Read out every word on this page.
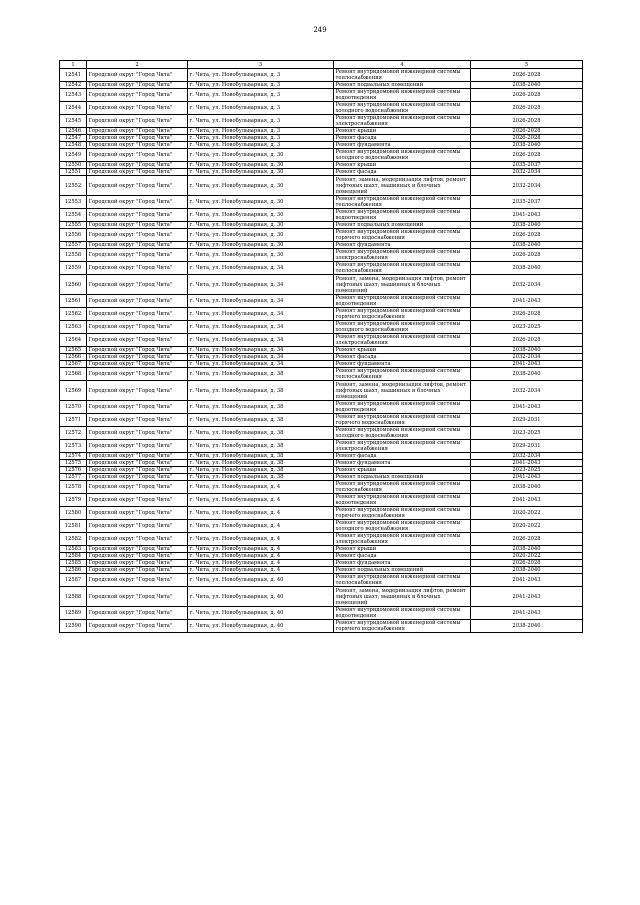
249
1	2	3	4	5
12541	Городской округ "Город Чита"	г. Чита, ул. Новобульварная, д. 3	Ремонт внутридомовой инженерной системы теплоснабжения	2026-2028
12542	Городской округ "Город Чита"	г. Чита, ул. Новобульварная, д. 3	Ремонт подвальных помещений	2038-2040
12543	Городской округ "Город Чита"	г. Чита, ул. Новобульварная, д. 3	Ремонт внутридомовой инженерной системы водоотведения	2026-2028
12544	Городской округ "Город Чита"	г. Чита, ул. Новобульварная, д. 3	Ремонт внутридомовой инженерной системы холодного водоснабжения	2026-2028
12545	Городской округ "Город Чита"	г. Чита, ул. Новобульварная, д. 3	Ремонт внутридомовой инженерной системы электроснабжения	2026-2028
12546	Городской округ "Город Чита"	г. Чита, ул. Новобульварная, д. 3	Ремонт крыши	2026-2028
12547	Городской округ "Город Чита"	г. Чита, ул. Новобульварная, д. 3	Ремонт фасада	2026-2028
12548	Городской округ "Город Чита"	г. Чита, ул. Новобульварная, д. 3	Ремонт фундамента	2038-2040
12549	Городской округ "Город Чита"	г. Чита, ул. Новобульварная, д. 30	Ремонт внутридомовой инженерной системы холодного водоснабжения	2026-2028
12550	Городской округ "Город Чита"	г. Чита, ул. Новобульварная, д. 30	Ремонт крыши	2035-2037
12551	Городской округ "Город Чита"	г. Чита, ул. Новобульварная, д. 30	Ремонт фасада	2032-2034
12552	Городской округ "Город Чита"	г. Чита, ул. Новобульварная, д. 30	Ремонт, замена, модернизация лифтов, ремонт лифтовых шахт, машинных и блочных помещений	2032-2034
12553	Городской округ "Город Чита"	г. Чита, ул. Новобульварная, д. 30	Ремонт внутридомовой инженерной системы теплоснабжения	2035-2037
12554	Городской округ "Город Чита"	г. Чита, ул. Новобульварная, д. 30	Ремонт внутридомовой инженерной системы водоотведения	2041-2043
12555	Городской округ "Город Чита"	г. Чита, ул. Новобульварная, д. 30	Ремонт подвальных помещений	2038-2040
12556	Городской округ "Город Чита"	г. Чита, ул. Новобульварная, д. 30	Ремонт внутридомовой инженерной системы горячего водоснабжения	2026-2028
12557	Городской округ "Город Чита"	г. Чита, ул. Новобульварная, д. 30	Ремонт фундамента	2038-2040
12558	Городской округ "Город Чита"	г. Чита, ул. Новобульварная, д. 30	Ремонт внутридомовой инженерной системы электроснабжения	2026-2028
12559	Городской округ "Город Чита"	г. Чита, ул. Новобульварная, д. 34	Ремонт внутридомовой инженерной системы теплоснабжения	2038-2040
12560	Городской округ "Город Чита"	г. Чита, ул. Новобульварная, д. 34	Ремонт, замена, модернизация лифтов, ремонт лифтовых шахт, машинных и блочных помещений	2032-2034
12561	Городской округ "Город Чита"	г. Чита, ул. Новобульварная, д. 34	Ремонт внутридомовой инженерной системы водоотведения	2041-2043
12562	Городской округ "Город Чита"	г. Чита, ул. Новобульварная, д. 34	Ремонт внутридомовой инженерной системы горячего водоснабжения	2026-2028
12563	Городской округ "Город Чита"	г. Чита, ул. Новобульварная, д. 34	Ремонт внутридомовой инженерной системы холодного водоснабжения	2023-2025
12564	Городской округ "Город Чита"	г. Чита, ул. Новобульварная, д. 34	Ремонт внутридомовой инженерной системы электроснабжения	2026-2028
12565	Городской округ "Город Чита"	г. Чита, ул. Новобульварная, д. 34	Ремонт крыши	2038-2040
12566	Городской округ "Город Чита"	г. Чита, ул. Новобульварная, д. 34	Ремонт фасада	2032-2034
12567	Городской округ "Город Чита"	г. Чита, ул. Новобульварная, д. 34	Ремонт фундамента	2041-2043
12568	Городской округ "Город Чита"	г. Чита, ул. Новобульварная, д. 38	Ремонт внутридомовой инженерной системы теплоснабжения	2038-2040
12569	Городской округ "Город Чита"	г. Чита, ул. Новобульварная, д. 38	Ремонт, замена, модернизация лифтов, ремонт лифтовых шахт, машинных и блочных помещений	2032-2034
12570	Городской округ "Город Чита"	г. Чита, ул. Новобульварная, д. 38	Ремонт внутридомовой инженерной системы водоотведения	2041-2043
12571	Городской округ "Город Чита"	г. Чита, ул. Новобульварная, д. 38	Ремонт внутридомовой инженерной системы горячего водоснабжения	2029-2031
12572	Городской округ "Город Чита"	г. Чита, ул. Новобульварная, д. 38	Ремонт внутридомовой инженерной системы холодного водоснабжения	2023-2025
12573	Городской округ "Город Чита"	г. Чита, ул. Новобульварная, д. 38	Ремонт внутридомовой инженерной системы электроснабжения	2029-2031
12574	Городской округ "Город Чита"	г. Чита, ул. Новобульварная, д. 38	Ремонт фасада	2032-2034
12575	Городской округ "Город Чита"	г. Чита, ул. Новобульварная, д. 38	Ремонт фундамента	2041-2043
12576	Городской округ "Город Чита"	г. Чита, ул. Новобульварная, д. 38	Ремонт крыши	2023-2025
12577	Городской округ "Город Чита"	г. Чита, ул. Новобульварная, д. 38	Ремонт подвальных помещений	2041-2043
12578	Городской округ "Город Чита"	г. Чита, ул. Новобульварная, д. 4	Ремонт внутридомовой инженерной системы теплоснабжения	2038-2040
12579	Городской округ "Город Чита"	г. Чита, ул. Новобульварная, д. 4	Ремонт внутридомовой инженерной системы водоотведения	2041-2043
12580	Городской округ "Город Чита"	г. Чита, ул. Новобульварная, д. 4	Ремонт внутридомовой инженерной системы горячего водоснабжения	2020-2022
12581	Городской округ "Город Чита"	г. Чита, ул. Новобульварная, д. 4	Ремонт внутридомовой инженерной системы холодного водоснабжения	2020-2022
12582	Городской округ "Город Чита"	г. Чита, ул. Новобульварная, д. 4	Ремонт внутридомовой инженерной системы электроснабжения	2026-2028
12583	Городской округ "Город Чита"	г. Чита, ул. Новобульварная, д. 4	Ремонт крыши	2038-2040
12584	Городской округ "Город Чита"	г. Чита, ул. Новобульварная, д. 4	Ремонт фасада	2020-2022
12585	Городской округ "Город Чита"	г. Чита, ул. Новобульварная, д. 4	Ремонт фундамента	2026-2028
12586	Городской округ "Город Чита"	г. Чита, ул. Новобульварная, д. 4	Ремонт подвальных помещений	2038-2040
12587	Городской округ "Город Чита"	г. Чита, ул. Новобульварная, д. 40	Ремонт внутридомовой инженерной системы теплоснабжения	2041-2043
12588	Городской округ "Город Чита"	г. Чита, ул. Новобульварная, д. 40	Ремонт, замена, модернизация лифтов, ремонт лифтовых шахт, машинных и блочных помещений	2041-2043
12589	Городской округ "Город Чита"	г. Чита, ул. Новобульварная, д. 40	Ремонт внутридомовой инженерной системы водоотведения	2041-2043
12590	Городской округ "Город Чита"	г. Чита, ул. Новобульварная, д. 40	Ремонт внутридомовой инженерной системы горячего водоснабжения	2038-2040
